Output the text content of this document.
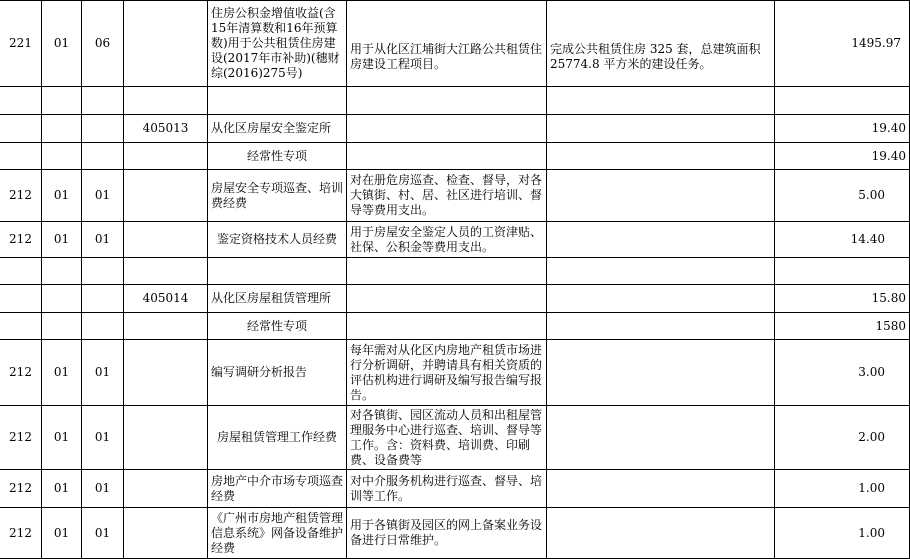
221	01	06		住房公积金增值收益(含15年清算数和16年预算数)用于公共租赁住房建设(2017年市补助)(穗财综(2016)275号)	用于从化区江埔街大江路公共租赁住房建设工程项目。	完成公共租赁住房 325 套，总建筑面积 25774.8 平方米的建设任务。	1495.97

			405013	从化区房屋安全鉴定所			19.40
				经常性专项			19.40
212	01	01		房屋安全专项巡查、培训费经费	对在册危房巡查、检查、督导，对各大镇街、村、居、社区进行培训、督导等费用支出。		5.00
212	01	01		鉴定资格技术人员经费	用于房屋安全鉴定人员的工资津贴、社保、公积金等费用支出。		14.40

			405014	从化区房屋租赁管理所			15.80
				经常性专项			1580
212	01	01		编写调研分析报告	每年需对从化区内房地产租赁市场进行分析调研，并聘请具有相关资质的评估机构进行调研及编写报告编写报告。		3.00
212	01	01		房屋租赁管理工作经费	对各镇街、园区流动人员和出租屋管理服务中心进行巡查、培训、督导等工作。含：资料费、培训费、印刷费、设备费等		2.00
212	01	01		房地产中介市场专项巡查经费	对中介服务机构进行巡查、督导、培训等工作。		1.00
212	01	01		《广州市房地产租赁管理信息系统》网备设备维护经费	用于各镇街及园区的网上备案业务设备进行日常维护。		1.00
